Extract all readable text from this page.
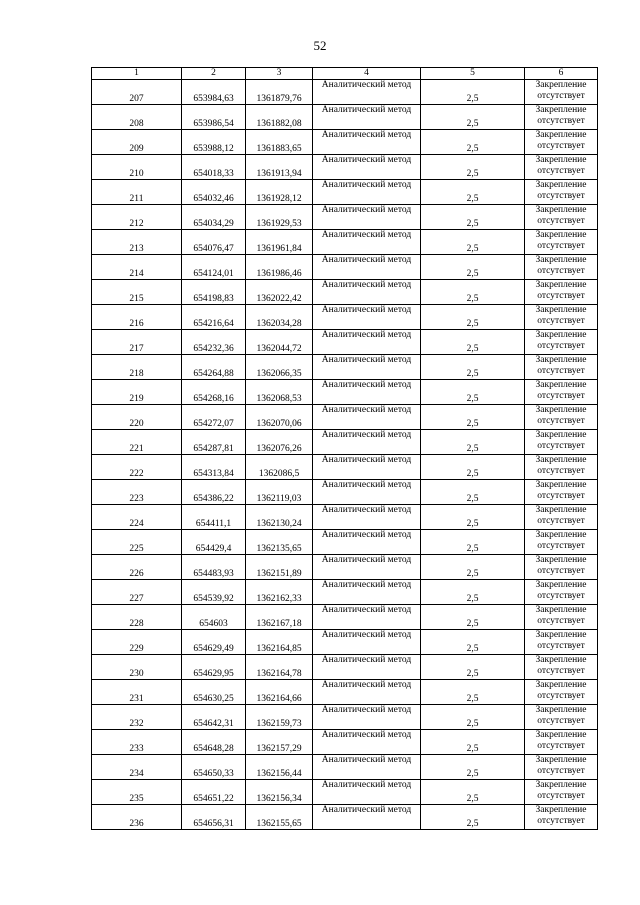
52
1	2	3	4	5	6
207	653984,63	1361879,76	Аналитический метод	2,5	Закрепление отсутствует
208	653986,54	1361882,08	Аналитический метод	2,5	Закрепление отсутствует
209	653988,12	1361883,65	Аналитический метод	2,5	Закрепление отсутствует
210	654018,33	1361913,94	Аналитический метод	2,5	Закрепление отсутствует
211	654032,46	1361928,12	Аналитический метод	2,5	Закрепление отсутствует
212	654034,29	1361929,53	Аналитический метод	2,5	Закрепление отсутствует
213	654076,47	1361961,84	Аналитический метод	2,5	Закрепление отсутствует
214	654124,01	1361986,46	Аналитический метод	2,5	Закрепление отсутствует
215	654198,83	1362022,42	Аналитический метод	2,5	Закрепление отсутствует
216	654216,64	1362034,28	Аналитический метод	2,5	Закрепление отсутствует
217	654232,36	1362044,72	Аналитический метод	2,5	Закрепление отсутствует
218	654264,88	1362066,35	Аналитический метод	2,5	Закрепление отсутствует
219	654268,16	1362068,53	Аналитический метод	2,5	Закрепление отсутствует
220	654272,07	1362070,06	Аналитический метод	2,5	Закрепление отсутствует
221	654287,81	1362076,26	Аналитический метод	2,5	Закрепление отсутствует
222	654313,84	1362086,5	Аналитический метод	2,5	Закрепление отсутствует
223	654386,22	1362119,03	Аналитический метод	2,5	Закрепление отсутствует
224	654411,1	1362130,24	Аналитический метод	2,5	Закрепление отсутствует
225	654429,4	1362135,65	Аналитический метод	2,5	Закрепление отсутствует
226	654483,93	1362151,89	Аналитический метод	2,5	Закрепление отсутствует
227	654539,92	1362162,33	Аналитический метод	2,5	Закрепление отсутствует
228	654603	1362167,18	Аналитический метод	2,5	Закрепление отсутствует
229	654629,49	1362164,85	Аналитический метод	2,5	Закрепление отсутствует
230	654629,95	1362164,78	Аналитический метод	2,5	Закрепление отсутствует
231	654630,25	1362164,66	Аналитический метод	2,5	Закрепление отсутствует
232	654642,31	1362159,73	Аналитический метод	2,5	Закрепление отсутствует
233	654648,28	1362157,29	Аналитический метод	2,5	Закрепление отсутствует
234	654650,33	1362156,44	Аналитический метод	2,5	Закрепление отсутствует
235	654651,22	1362156,34	Аналитический метод	2,5	Закрепление отсутствует
236	654656,31	1362155,65	Аналитический метод	2,5	Закрепление отсутствует
